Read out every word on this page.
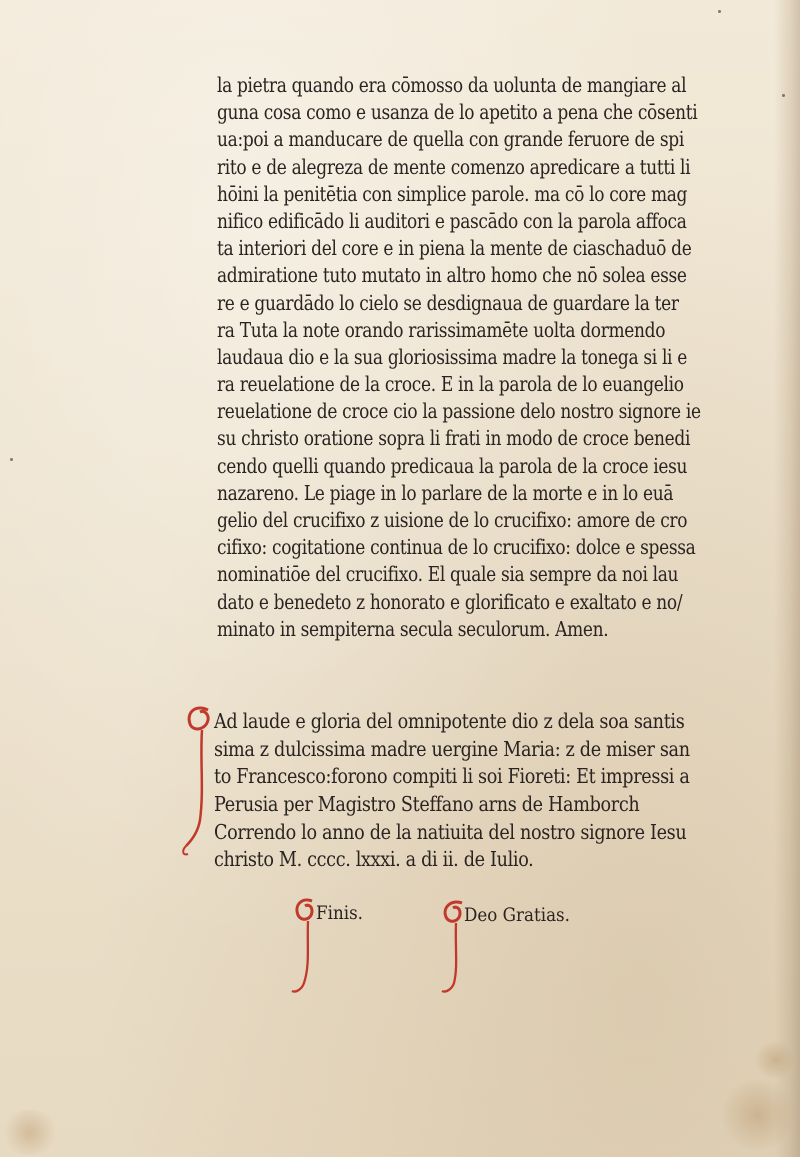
la pietra quando era cōmosso da uolunta de mangiare al
guna cosa como e usanza de lo apetito a pena che cōsenti
ua:poi a manducare de quella con grande feruore de spi
rito e de alegreza de mente comenzo apredicare a tutti li
hōini la penitētia con simplice parole. ma cō lo core mag
nifico edificādo li auditori e pascādo con la parola affoca
ta interiori del core e in piena la mente de ciaschaduō de
admiratione tuto mutato in altro homo che nō solea esse
re e guardādo lo cielo se desdignaua de guardare la ter
ra Tuta la note orando rarissimamēte uolta dormendo
laudaua dio e la sua gloriosissima madre la tonega si li e
ra reuelatione de la croce. E in la parola de lo euangelio
reuelatione de croce cio la passione delo nostro signore ie
su christo oratione sopra li frati in modo de croce benedi
cendo quelli quando predicaua la parola de la croce iesu
nazareno. Le piage in lo parlare de la morte e in lo euā
gelio del crucifixo z uisione de lo crucifixo: amore de cro
cifixo: cogitatione continua de lo crucifixo: dolce e spessa
nominatiōe del crucifixo. El quale sia sempre da noi lau
dato e benedeto z honorato e glorificato e exaltato e no/
minato in sempiterna secula seculorum. Amen.
Ad laude e gloria del omnipotente dio z dela soa santis
sima z dulcissima madre uergine Maria: z de miser san
to Francesco:forono compiti li soi Fioreti: Et impressi a
Perusia per Magistro Steffano arns de Hamborch
Correndo lo anno de la natiuita del nostro signore Iesu
christo M. cccc. lxxxi. a di ii. de Iulio.
Finis.	Deo Gratias.
